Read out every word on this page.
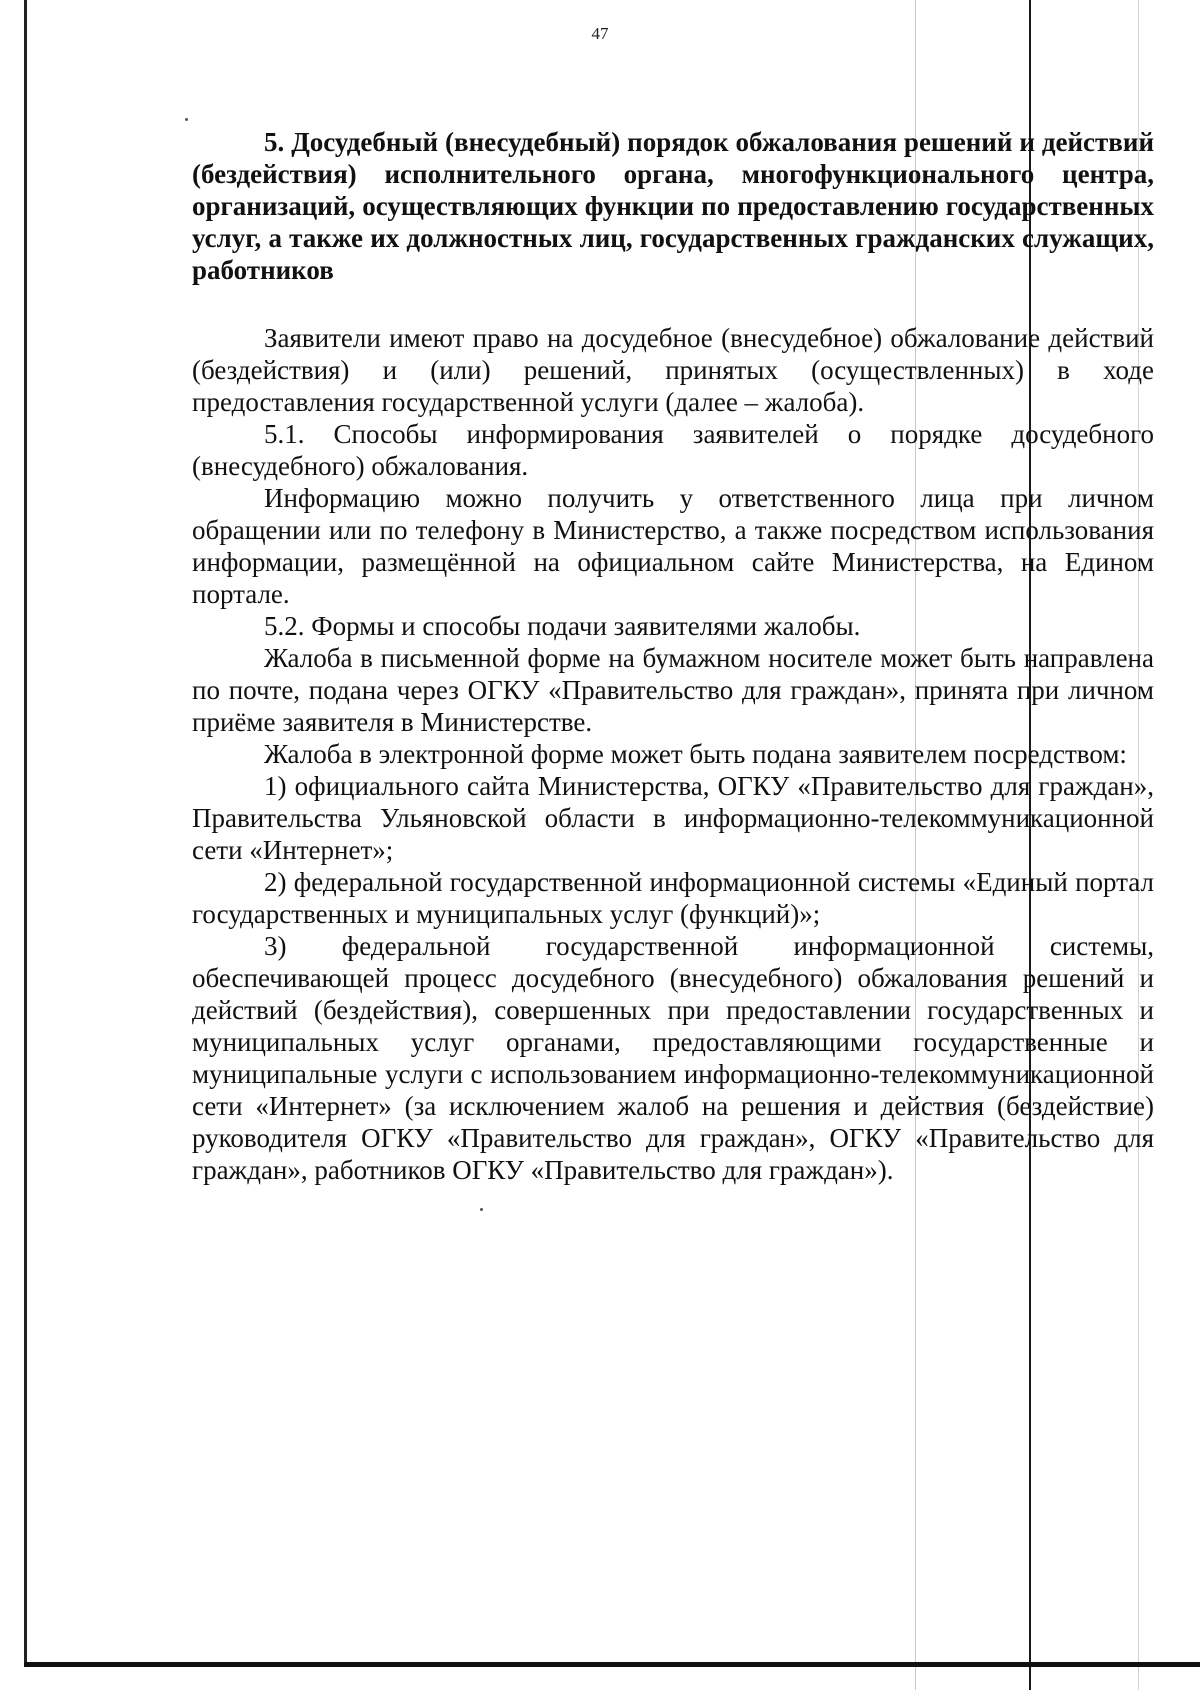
47

5. Досудебный (внесудебный) порядок обжалования решений и действий (бездействия) исполнительного органа, многофункционального центра, организаций, осуществляющих функции по предоставлению государственных услуг, а также их должностных лиц, государственных гражданских служащих, работников

Заявители имеют право на досудебное (внесудебное) обжалование действий (бездействия) и (или) решений, принятых (осуществленных) в ходе предоставления государственной услуги (далее – жалоба).

5.1. Способы информирования заявителей о порядке досудебного (внесудебного) обжалования.

Информацию можно получить у ответственного лица при личном обращении или по телефону в Министерство, а также посредством использования информации, размещённой на официальном сайте Министерства, на Едином портале.

5.2. Формы и способы подачи заявителями жалобы.

Жалоба в письменной форме на бумажном носителе может быть направлена по почте, подана через ОГКУ «Правительство для граждан», принята при личном приёме заявителя в Министерстве.

Жалоба в электронной форме может быть подана заявителем посредством:

1) официального сайта Министерства, ОГКУ «Правительство для граждан», Правительства Ульяновской области в информационно-телекоммуникационной сети «Интернет»;

2) федеральной государственной информационной системы «Единый портал государственных и муниципальных услуг (функций)»;

3) федеральной государственной информационной системы, обеспечивающей процесс досудебного (внесудебного) обжалования решений и действий (бездействия), совершенных при предоставлении государственных и муниципальных услуг органами, предоставляющими государственные и муниципальные услуги с использованием информационно-телекоммуникационной сети «Интернет» (за исключением жалоб на решения и действия (бездействие) руководителя ОГКУ «Правительство для граждан», ОГКУ «Правительство для граждан», работников ОГКУ «Правительство для граждан»).
